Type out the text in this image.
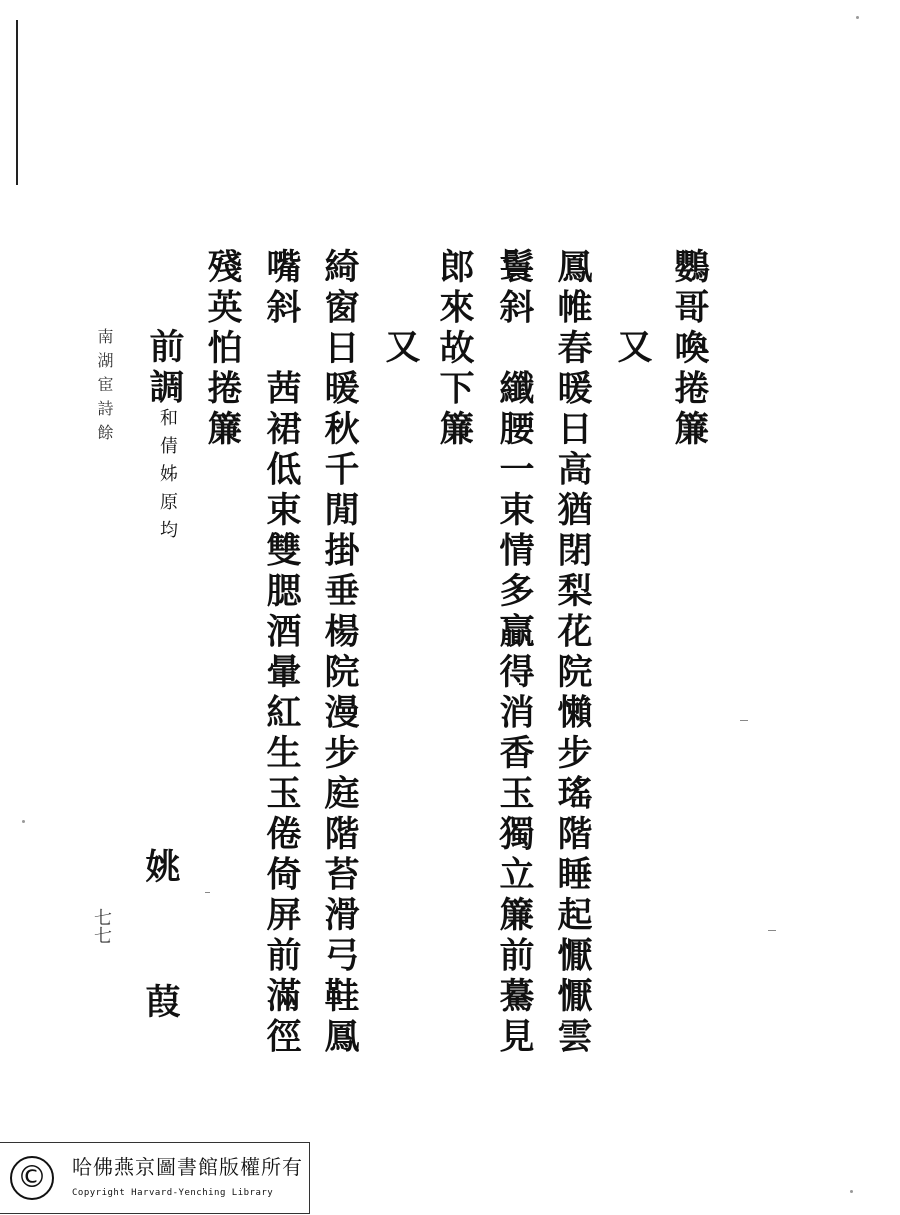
鸚哥喚捲簾
又
鳳帷春暖日高猶閉梨花院懶步瑤階睡起懨懨雲
鬟斜　纖腰一束情多贏得消香玉獨立簾前驀見
郎來故下簾
又
綺窗日暖秋千閒掛垂楊院漫步庭階苔滑弓鞋鳳
嘴斜　茜裙低束雙腮酒暈紅生玉倦倚屏前滿徑
殘英怕捲簾
前調
和倩姊原均
姚　　葭
南湖宦詩餘
七七
©	哈佛燕京圖書館版權所有
Copyright Harvard-Yenching Library
